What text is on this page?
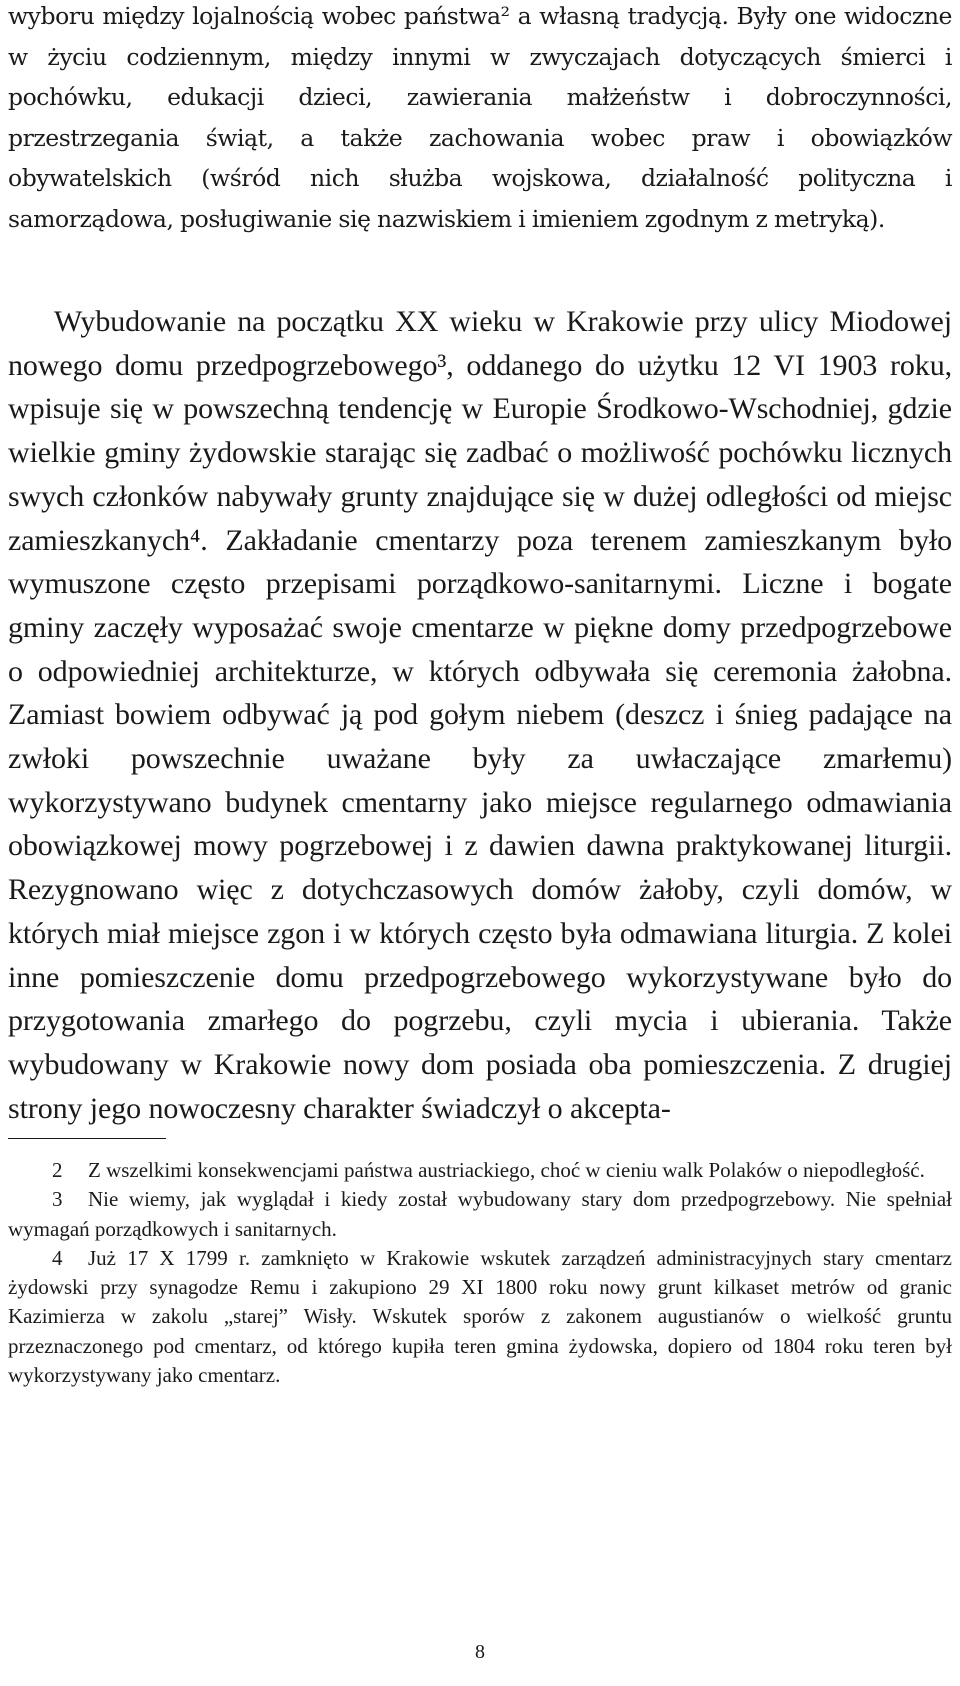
wyboru między lojalnością wobec państwa² a własną tradycją. Były one widoczne w życiu codziennym, między innymi w zwyczajach dotyczących śmierci i pochówku, edukacji dzieci, zawierania małżeństw i dobroczynności, przestrzegania świąt, a także zachowania wobec praw i obowiązków obywatelskich (wśród nich służba wojskowa, działalność polityczna i samorządowa, posługiwanie się nazwiskiem i imieniem zgodnym z metryką).

Wybudowanie na początku XX wieku w Krakowie przy ulicy Miodowej nowego domu przedpogrzebowego³, oddanego do użytku 12 VI 1903 roku, wpisuje się w powszechną tendencję w Europie Środkowo-Wschodniej, gdzie wielkie gminy żydowskie starając się zadbać o możliwość pochówku licznych swych członków nabywały grunty znajdujące się w dużej odległości od miejsc zamieszkanych⁴. Zakładanie cmentarzy poza terenem zamieszkanym było wymuszone często przepisami porządkowo-sanitarnymi. Liczne i bogate gminy zaczęły wyposażać swoje cmentarze w piękne domy przedpogrzebowe o odpowiedniej architekturze, w których odbywała się ceremonia żałobna. Zamiast bowiem odbywać ją pod gołym niebem (deszcz i śnieg padające na zwłoki powszechnie uważane były za uwłaczające zmarłemu) wykorzystywano budynek cmentarny jako miejsce regularnego odmawiania obowiązkowej mowy pogrzebowej i z dawien dawna praktykowanej liturgii. Rezygnowano więc z dotychczasowych domów żałoby, czyli domów, w których miał miejsce zgon i w których często była odmawiana liturgia. Z kolei inne pomieszczenie domu przedpogrzebowego wykorzystywane było do przygotowania zmarłego do pogrzebu, czyli mycia i ubierania. Także wybudowany w Krakowie nowy dom posiada oba pomieszczenia. Z drugiej strony jego nowoczesny charakter świadczył o akcepta-

2 Z wszelkimi konsekwencjami państwa austriackiego, choć w cieniu walk Polaków o niepodległość.

3 Nie wiemy, jak wyglądał i kiedy został wybudowany stary dom przedpogrzebowy. Nie spełniał wymagań porządkowych i sanitarnych.

4 Już 17 X 1799 r. zamknięto w Krakowie wskutek zarządzeń administracyjnych stary cmentarz żydowski przy synagodze Remu i zakupiono 29 XI 1800 roku nowy grunt kilkaset metrów od granic Kazimierza w zakolu „starej” Wisły. Wskutek sporów z zakonem augustianów o wielkość gruntu przeznaczonego pod cmentarz, od którego kupiła teren gmina żydowska, dopiero od 1804 roku teren był wykorzystywany jako cmentarz.

8
